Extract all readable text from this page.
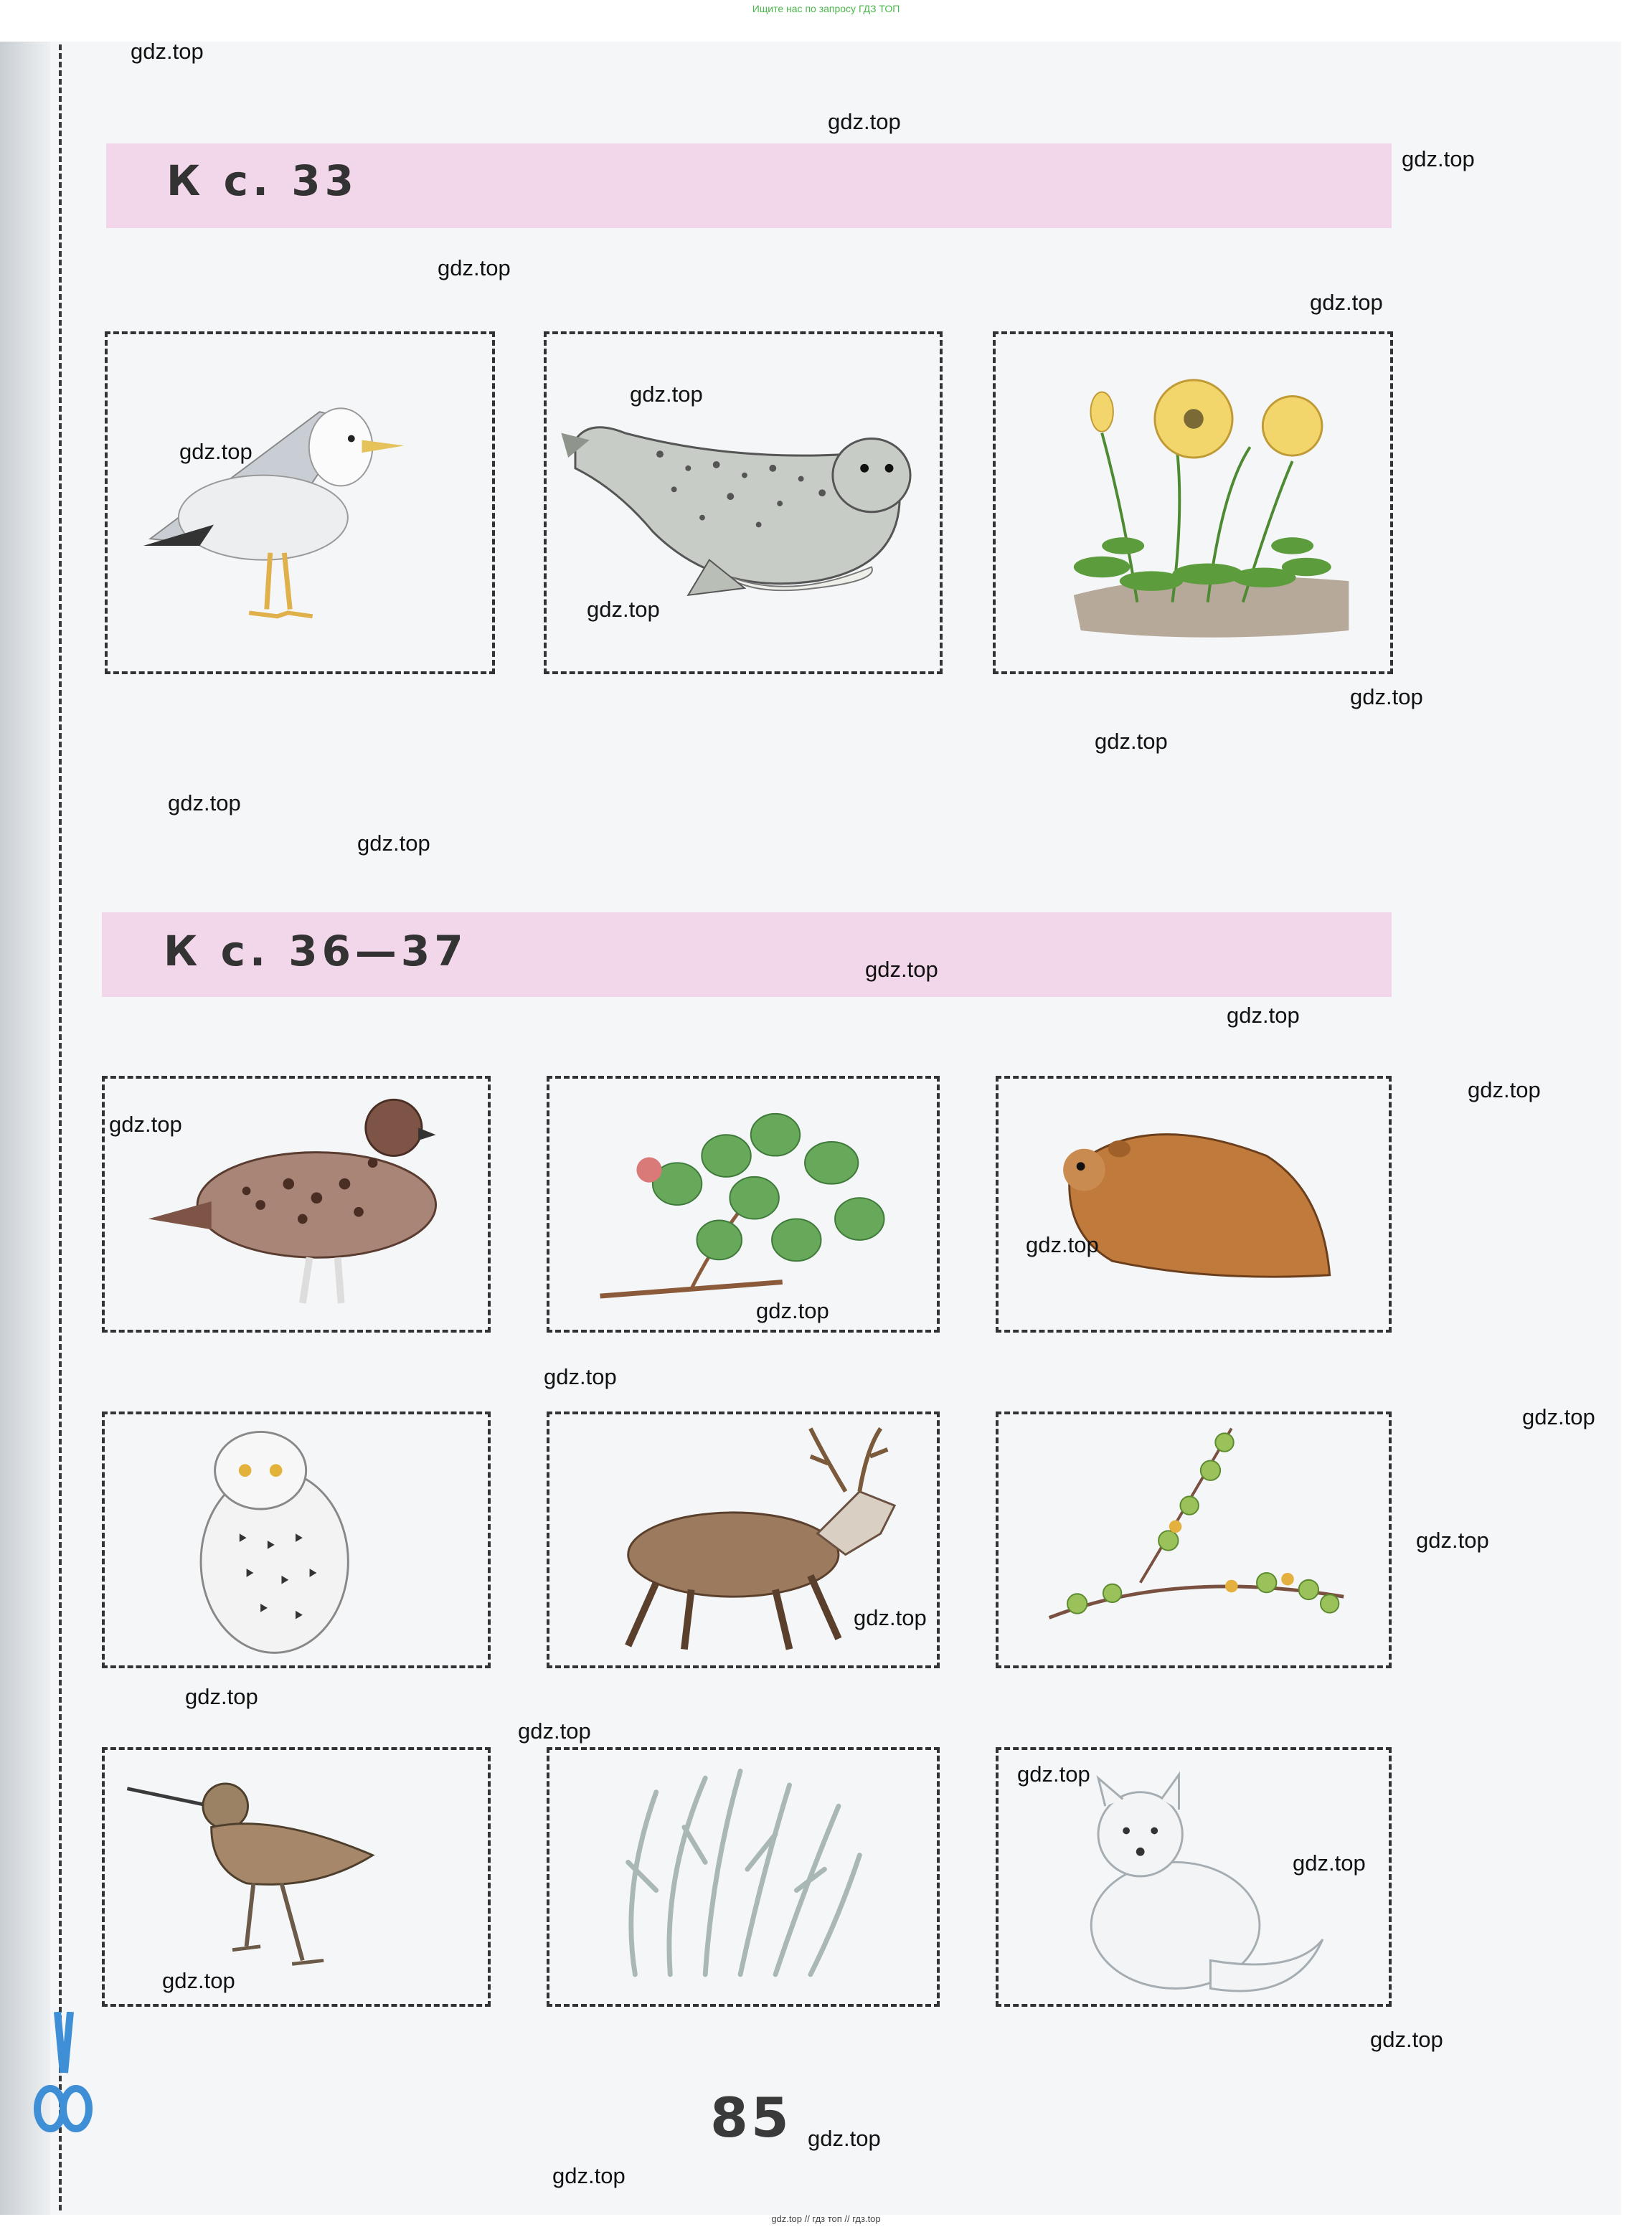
Ищите нас по запросу ГДЗ ТОП
К с. 33
К с. 36—37
gdz.top
gdz.top
gdz.top
gdz.top
gdz.top
gdz.top
gdz.top
gdz.top
gdz.top
gdz.top
gdz.top
gdz.top
gdz.top
gdz.top
gdz.top
gdz.top
gdz.top
gdz.top
gdz.top
gdz.top
gdz.top
gdz.top
gdz.top
gdz.top
gdz.top
gdz.top
gdz.top
gdz.top
gdz.top
gdz.top
85
gdz.top // гдз топ // гдз.top
